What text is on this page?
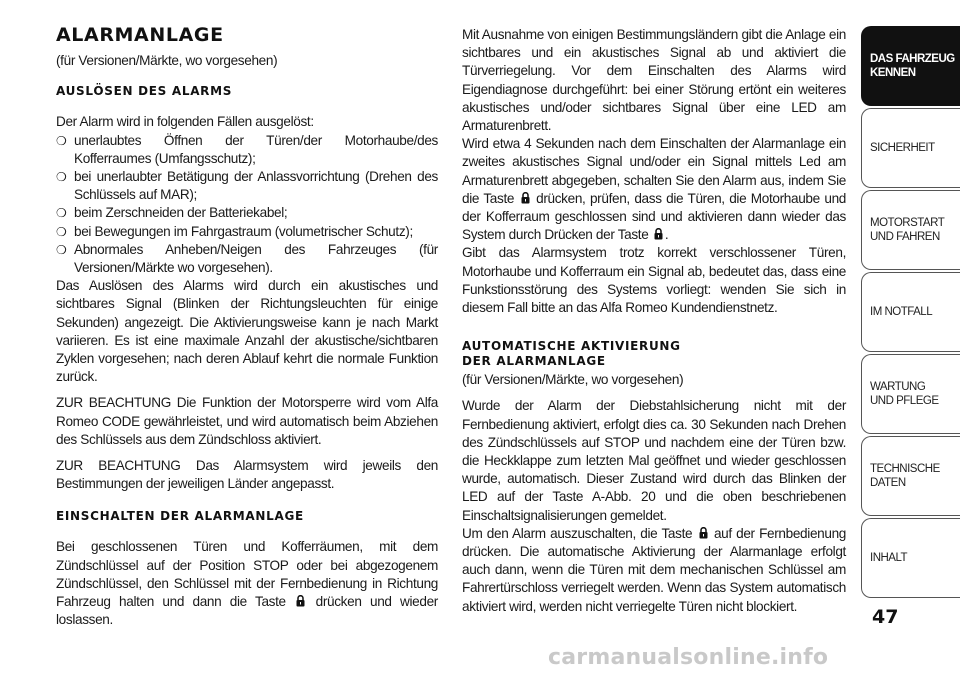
ALARMANLAGE
(für Versionen/Märkte, wo vorgesehen)
AUSLÖSEN DES ALARMS

Der Alarm wird in folgenden Fällen ausgelöst:

❍ unerlaubtes Öffnen der Türen/der Motorhaube/des Kofferraumes (Umfangsschutz);
❍ bei unerlaubter Betätigung der Anlassvorrichtung (Drehen des Schlüssels auf MAR);
❍ beim Zerschneiden der Batteriekabel;
❍ bei Bewegungen im Fahrgastraum (volumetrischer Schutz);
❍ Abnormales Anheben/Neigen des Fahrzeuges (für Versionen/Märkte wo vorgesehen).

Das Auslösen des Alarms wird durch ein akustisches und sichtbares Signal (Blinken der Richtungsleuchten für einige Sekunden) angezeigt. Die Aktivierungsweise kann je nach Markt variieren. Es ist eine maximale Anzahl der akustische/sichtbaren Zyklen vorgesehen; nach deren Ablauf kehrt die normale Funktion zurück.

ZUR BEACHTUNG Die Funktion der Motorsperre wird vom Alfa Romeo CODE gewährleistet, und wird automatisch beim Abziehen des Schlüssels aus dem Zündschloss aktiviert.

ZUR BEACHTUNG Das Alarmsystem wird jeweils den Bestimmungen der jeweiligen Länder angepasst.

EINSCHALTEN DER ALARMANLAGE

Bei geschlossenen Türen und Kofferräumen, mit dem Zündschlüssel auf der Position STOP oder bei abgezogenem Zündschlüssel, den Schlüssel mit der Fernbedienung in Richtung Fahrzeug halten und dann die Taste drücken und wieder loslassen.

Mit Ausnahme von einigen Bestimmungsländern gibt die Anlage ein sichtbares und ein akustisches Signal ab und aktiviert die Türverriegelung. Vor dem Einschalten des Alarms wird Eigendiagnose durchgeführt: bei einer Störung ertönt ein weiteres akustisches und/oder sichtbares Signal über eine LED am Armaturenbrett.

Wird etwa 4 Sekunden nach dem Einschalten der Alarmanlage ein zweites akustisches Signal und/oder ein Signal mittels Led am Armaturenbrett abgegeben, schalten Sie den Alarm aus, indem Sie die Taste drücken, prüfen, dass die Türen, die Motorhaube und der Kofferraum geschlossen sind und aktivieren dann wieder das System durch Drücken der Taste .

Gibt das Alarmsystem trotz korrekt verschlossener Türen, Motorhaube und Kofferraum ein Signal ab, bedeutet das, dass eine Funkstionsstörung des Systems vorliegt: wenden Sie sich in diesem Fall bitte an das Alfa Romeo Kundendienstnetz.

AUTOMATISCHE AKTIVIERUNG
DER ALARMANLAGE
(für Versionen/Märkte, wo vorgesehen)

Wurde der Alarm der Diebstahlsicherung nicht mit der Fernbedienung aktiviert, erfolgt dies ca. 30 Sekunden nach Drehen des Zündschlüssels auf STOP und nachdem eine der Türen bzw. die Heckklappe zum letzten Mal geöffnet und wieder geschlossen wurde, automatisch. Dieser Zustand wird durch das Blinken der LED auf der Taste A-Abb. 20 und die oben beschriebenen Einschaltsignalisierungen gemeldet.

Um den Alarm auszuschalten, die Taste auf der Fernbedienung drücken. Die automatische Aktivierung der Alarmanlage erfolgt auch dann, wenn die Türen mit dem mechanischen Schlüssel am Fahrertürschloss verriegelt werden. Wenn das System automatisch aktiviert wird, werden nicht verriegelte Türen nicht blockiert.

DAS FAHRZEUG
KENNEN
SICHERHEIT
MOTORSTART
UND FAHREN
IM NOTFALL
WARTUNG
UND PFLEGE
TECHNISCHE
DATEN
INHALT
47
carmanualsonline.info
